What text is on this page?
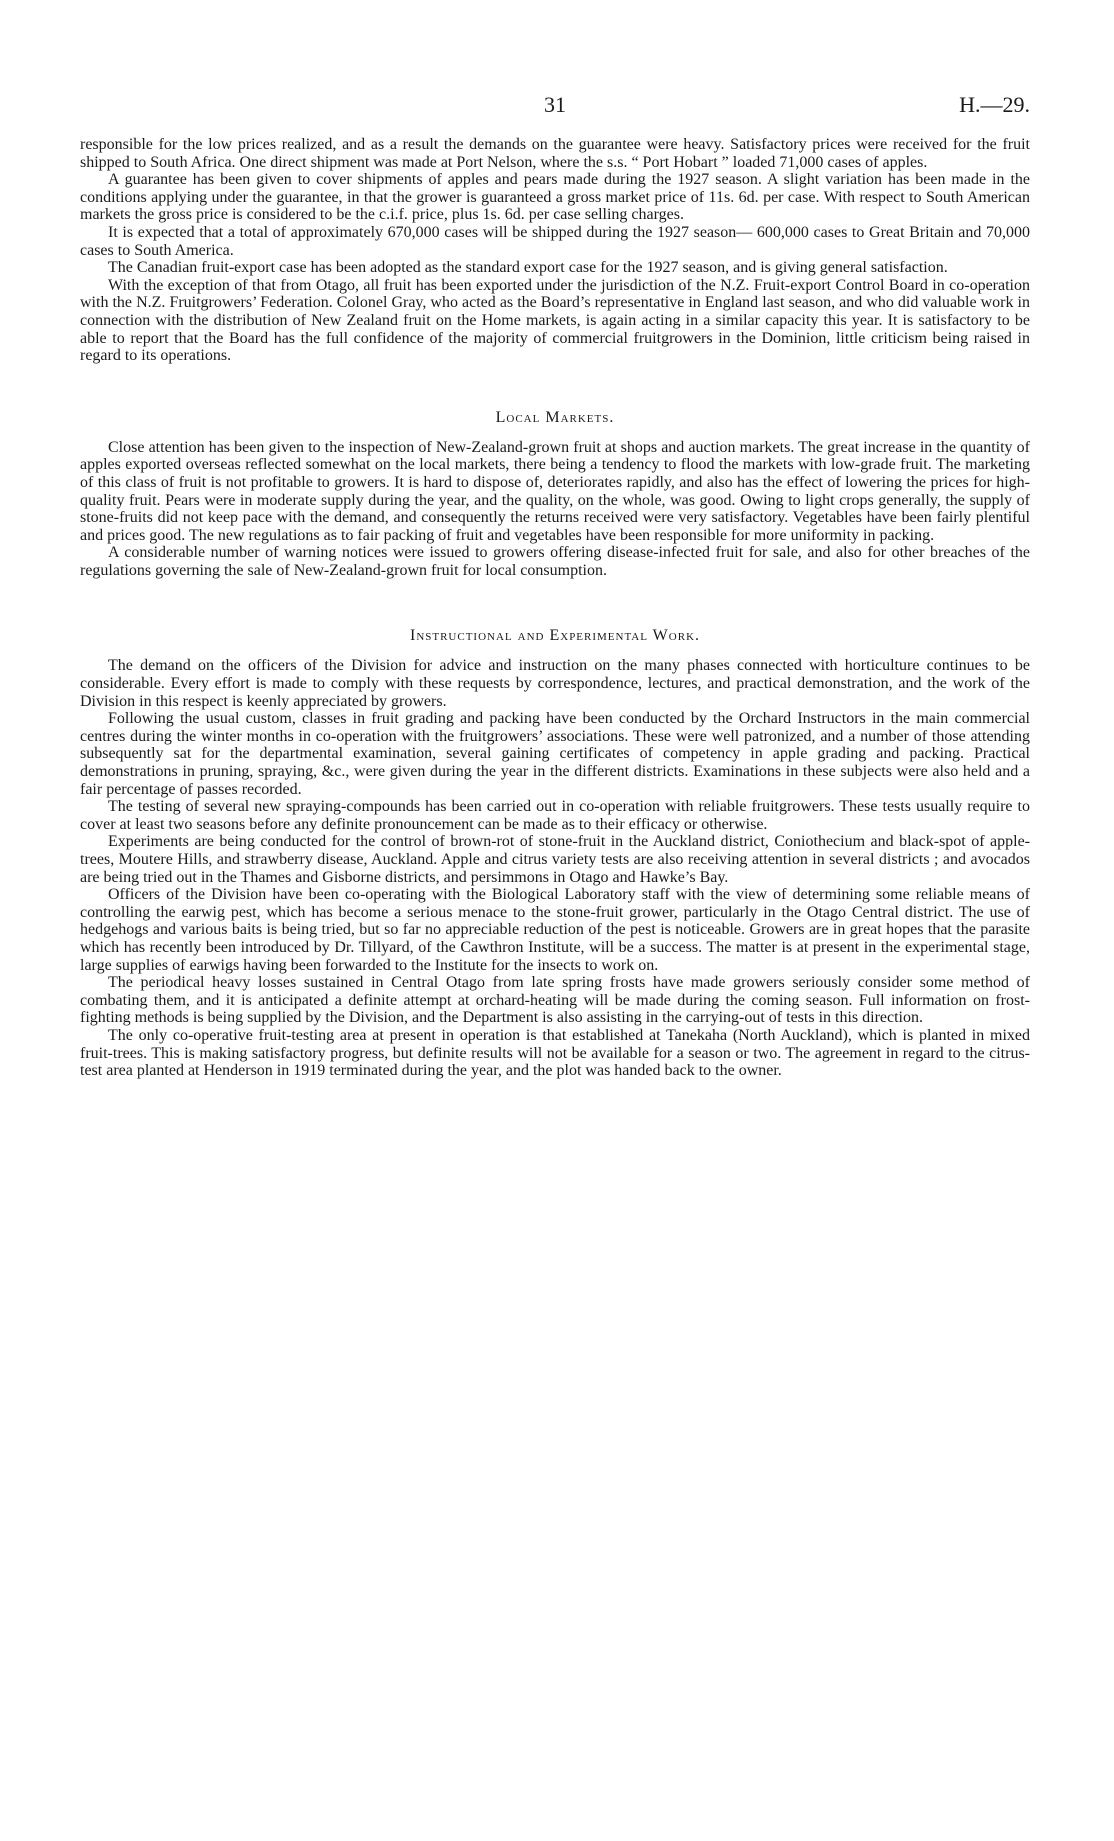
31	H.—29.

responsible for the low prices realized, and as a result the demands on the guarantee were heavy. Satisfactory prices were received for the fruit shipped to South Africa. One direct shipment was made at Port Nelson, where the s.s. “ Port Hobart ” loaded 71,000 cases of apples.

A guarantee has been given to cover shipments of apples and pears made during the 1927 season. A slight variation has been made in the conditions applying under the guarantee, in that the grower is guaranteed a gross market price of 11s. 6d. per case. With respect to South American markets the gross price is considered to be the c.i.f. price, plus 1s. 6d. per case selling charges.

It is expected that a total of approximately 670,000 cases will be shipped during the 1927 season— 600,000 cases to Great Britain and 70,000 cases to South America.

The Canadian fruit-export case has been adopted as the standard export case for the 1927 season, and is giving general satisfaction.

With the exception of that from Otago, all fruit has been exported under the jurisdiction of the N.Z. Fruit-export Control Board in co-operation with the N.Z. Fruitgrowers’ Federation. Colonel Gray, who acted as the Board’s representative in England last season, and who did valuable work in connection with the distribution of New Zealand fruit on the Home markets, is again acting in a similar capacity this year. It is satisfactory to be able to report that the Board has the full confidence of the majority of commercial fruitgrowers in the Dominion, little criticism being raised in regard to its operations.

Local Markets.

Close attention has been given to the inspection of New-Zealand-grown fruit at shops and auction markets. The great increase in the quantity of apples exported overseas reflected somewhat on the local markets, there being a tendency to flood the markets with low-grade fruit. The marketing of this class of fruit is not profitable to growers. It is hard to dispose of, deteriorates rapidly, and also has the effect of lowering the prices for high-quality fruit. Pears were in moderate supply during the year, and the quality, on the whole, was good. Owing to light crops generally, the supply of stone-fruits did not keep pace with the demand, and consequently the returns received were very satisfactory. Vegetables have been fairly plentiful and prices good. The new regulations as to fair packing of fruit and vegetables have been responsible for more uniformity in packing.

A considerable number of warning notices were issued to growers offering disease-infected fruit for sale, and also for other breaches of the regulations governing the sale of New-Zealand-grown fruit for local consumption.

Instructional and Experimental Work.

The demand on the officers of the Division for advice and instruction on the many phases connected with horticulture continues to be considerable. Every effort is made to comply with these requests by correspondence, lectures, and practical demonstration, and the work of the Division in this respect is keenly appreciated by growers.

Following the usual custom, classes in fruit grading and packing have been conducted by the Orchard Instructors in the main commercial centres during the winter months in co-operation with the fruitgrowers’ associations. These were well patronized, and a number of those attending subsequently sat for the departmental examination, several gaining certificates of competency in apple grading and packing. Practical demonstrations in pruning, spraying, &c., were given during the year in the different districts. Examinations in these subjects were also held and a fair percentage of passes recorded.

The testing of several new spraying-compounds has been carried out in co-operation with reliable fruitgrowers. These tests usually require to cover at least two seasons before any definite pronouncement can be made as to their efficacy or otherwise.

Experiments are being conducted for the control of brown-rot of stone-fruit in the Auckland district, Coniothecium and black-spot of apple-trees, Moutere Hills, and strawberry disease, Auckland. Apple and citrus variety tests are also receiving attention in several districts ; and avocados are being tried out in the Thames and Gisborne districts, and persimmons in Otago and Hawke’s Bay.

Officers of the Division have been co-operating with the Biological Laboratory staff with the view of determining some reliable means of controlling the earwig pest, which has become a serious menace to the stone-fruit grower, particularly in the Otago Central district. The use of hedgehogs and various baits is being tried, but so far no appreciable reduction of the pest is noticeable. Growers are in great hopes that the parasite which has recently been introduced by Dr. Tillyard, of the Cawthron Institute, will be a success. The matter is at present in the experimental stage, large supplies of earwigs having been forwarded to the Institute for the insects to work on.

The periodical heavy losses sustained in Central Otago from late spring frosts have made growers seriously consider some method of combating them, and it is anticipated a definite attempt at orchard-heating will be made during the coming season. Full information on frost-fighting methods is being supplied by the Division, and the Department is also assisting in the carrying-out of tests in this direction.

The only co-operative fruit-testing area at present in operation is that established at Tanekaha (North Auckland), which is planted in mixed fruit-trees. This is making satisfactory progress, but definite results will not be available for a season or two. The agreement in regard to the citrus-test area planted at Henderson in 1919 terminated during the year, and the plot was handed back to the owner.
